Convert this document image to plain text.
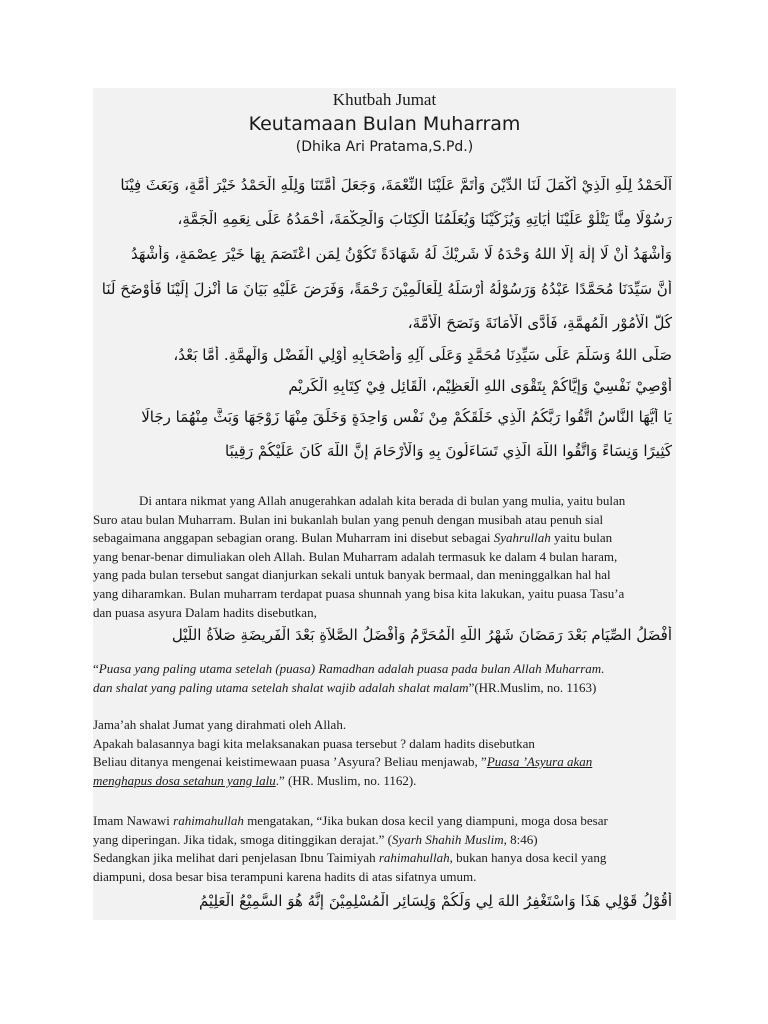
Khutbah Jumat
Keutamaan Bulan Muharram
(Dhika Ari Pratama,S.Pd.)
اَلْحَمْدُ لِلّٰهِ الَّذِيْ أَكْمَلَ لَنَا الدِّيْنَ وَأَتَمَّ عَلَيْنَا النِّعْمَةَ، وَجَعَلَ أُمَّتَنَا وَلِلّٰهِ الْحَمْدُ خَيْرَ أُمَّةٍ، وَبَعَثَ فِيْنَا
رَسُوْلًا مِنَّا يَتْلُوْ عَلَيْنَا اٰيَاتِهِ وَيُزَكِّيْنَا وَيُعَلِّمُنَا الْكِتَابَ وَالْحِكْمَةَ، أَحْمَدُهُ عَلَى نِعَمِهِ الْجَمَّةِ،
وَأَشْهَدُ أَنْ لَا إِلٰهَ إِلَّا اللهُ وَحْدَهُ لَا شَرِيْكَ لَهُ شَهَادَةً تَكُوْنُ لِمَنِ اعْتَصَمَ بِهَا خَيْرَ عِصْمَةٍ، وَأَشْهَدُ
أَنَّ سَيِّدَنَا مُحَمَّدًا عَبْدُهُ وَرَسُوْلُهُ أَرْسَلَهُ لِلْعَالَمِيْنَ رَحْمَةً، وَفَرَضَ عَلَيْهِ بَيَانَ مَا أُنْزِلَ إِلَيْنَا فَأَوْضَحَ لَنَا
كُلَّ الْأُمُوْرِ الْمُهِمَّةِ، فَأَدَّى الْأَمَانَةَ وَنَصَحَ الْأُمَّةَ،
صَلَّى اللهُ وَسَلَّمَ عَلَى سَيِّدِنَا مُحَمَّدٍ وَعَلَى آلِهِ وَأَصْحَابِهِ أُوْلِي الْفَضْلِ وَالْهِمَّةِ. أَمَّا بَعْدُ،
أُوْصِيْ نَفْسِيْ وَإِيَّاكُمْ بِتَقْوَى اللهِ الْعَظِيْمِ، الْقَائِلِ فِيْ كِتَابِهِ الْكَرِيْمِ
يَا أَيُّهَا النَّاسُ اتَّقُوا رَبَّكُمُ الَّذِي خَلَقَكُمْ مِنْ نَفْسٍ وَاحِدَةٍ وَخَلَقَ مِنْهَا زَوْجَهَا وَبَثَّ مِنْهُمَا رِجَالًا
كَثِيرًا وَنِسَاءً وَاتَّقُوا اللَّهَ الَّذِي تَسَاءَلُونَ بِهِ وَالْأَرْحَامَ إِنَّ اللَّهَ كَانَ عَلَيْكُمْ رَقِيبًا
Di antara nikmat yang Allah anugerahkan adalah kita berada di bulan yang mulia, yaitu bulan
Suro atau bulan Muharram. Bulan ini bukanlah bulan yang penuh dengan musibah atau penuh sial
sebagaimana anggapan sebagian orang. Bulan Muharram ini disebut sebagai Syahrullah yaitu bulan
yang benar-benar dimuliakan oleh Allah. Bulan Muharram adalah termasuk ke dalam 4 bulan haram,
yang pada bulan tersebut sangat dianjurkan sekali untuk banyak bermaal, dan meninggalkan hal hal
yang diharamkan. Bulan muharram terdapat puasa shunnah yang bisa kita lakukan, yaitu puasa Tasu’a
dan puasa asyura Dalam hadits disebutkan,
أَفْضَلُ الصِّيَامِ بَعْدَ رَمَضَانَ شَهْرُ اللَّهِ الْمُحَرَّمُ وَأَفْضَلُ الصَّلاَةِ بَعْدَ الْفَرِيضَةِ صَلاَةُ اللَّيْلِ
“Puasa yang paling utama setelah (puasa) Ramadhan adalah puasa pada bulan Allah Muharram.
dan shalat yang paling utama setelah shalat wajib adalah shalat malam”(HR.Muslim, no. 1163)
Jama’ah shalat Jumat yang dirahmati oleh Allah.
Apakah balasannya bagi kita melaksanakan puasa tersebut ? dalam hadits disebutkan
Beliau ditanya mengenai keistimewaan puasa ’Asyura? Beliau menjawab, ”Puasa ’Asyura akan
menghapus dosa setahun yang lalu.” (HR. Muslim, no. 1162).
Imam Nawawi rahimahullah mengatakan, “Jika bukan dosa kecil yang diampuni, moga dosa besar
yang diperingan. Jika tidak, smoga ditinggikan derajat.” (Syarh Shahih Muslim, 8:46)
Sedangkan jika melihat dari penjelasan Ibnu Taimiyah rahimahullah, bukan hanya dosa kecil yang
diampuni, dosa besar bisa terampuni karena hadits di atas sifatnya umum.
أَقُوْلُ قَوْلِي هَذَا وَاسْتَغْفِرُ اللهَ لِي وَلَكُمْ وَلِسَائِرِ الْمُسْلِمِيْنَ إِنَّهُ هُوَ السَّمِيْعُ الْعَلِيْمُ
